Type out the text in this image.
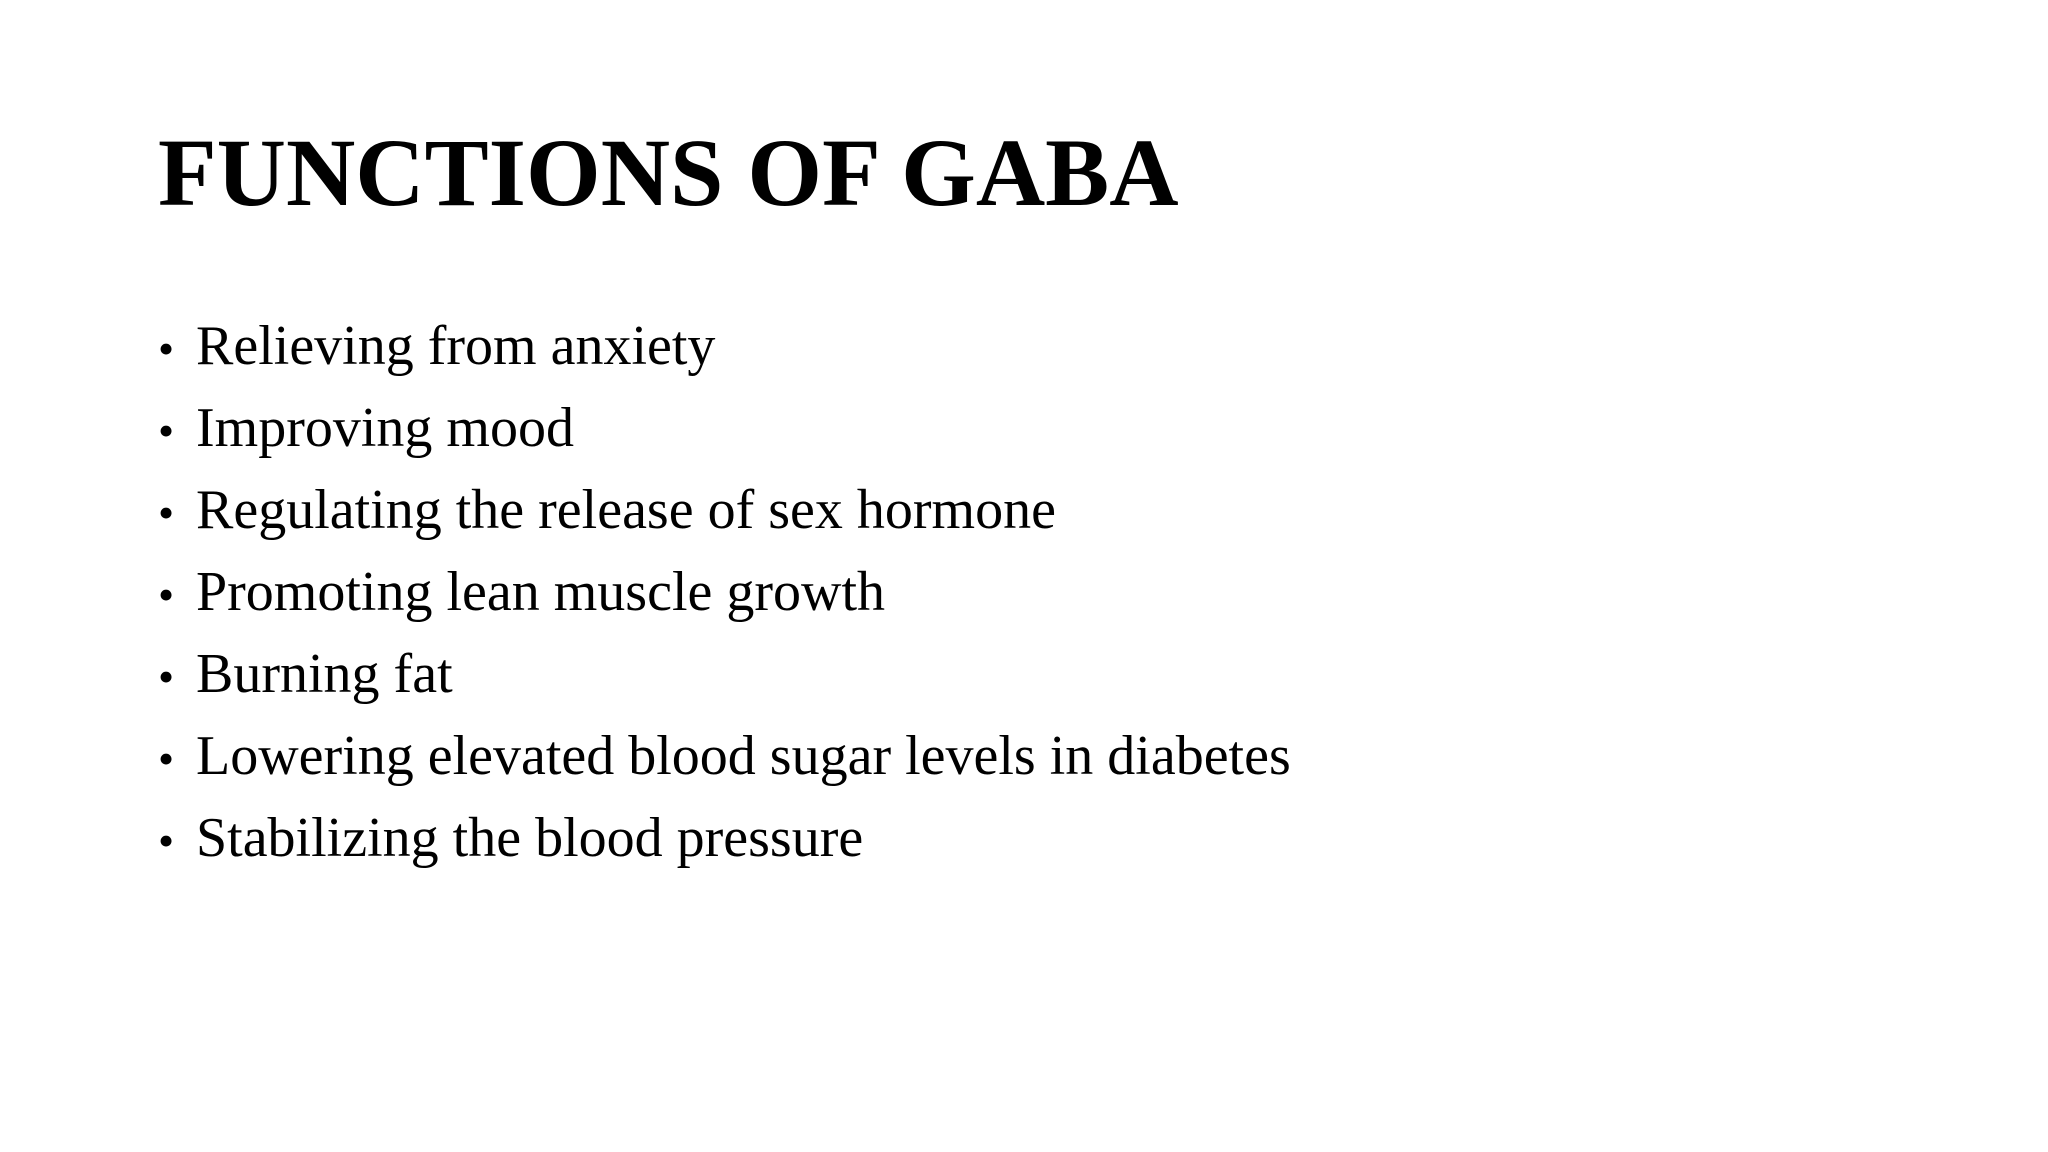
FUNCTIONS OF GABA
• Relieving from anxiety
• Improving mood
• Regulating the release of sex hormone
• Promoting lean muscle growth
• Burning fat
• Lowering elevated blood sugar levels in diabetes
• Stabilizing the blood pressure
